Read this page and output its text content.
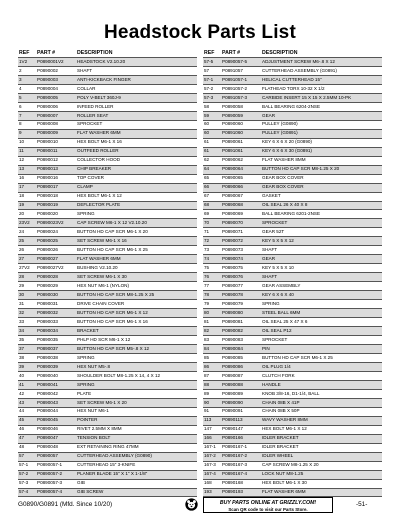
Headstock Parts List
REF	PART #	DESCRIPTION
1V2	P0890001V2	HEADSTOCK V2.10.20
2	P0890002	SHAFT
3	P0890003	ANTI-KICKBACK FINGER
4	P0890004	COLLAR
5	P0890005	POLY V-BELT 360J-9
6	P0890006	INFEED ROLLER
7	P0890007	ROLLER SEAT
8	P0890008	SPROCKET
9	P0890009	FLAT WASHER 6MM
10	P0890010	HEX BOLT M6-1 X 16
11	P0890011	OUTFEED ROLLER
12	P0890012	COLLECTOR HOOD
13	P0890013	CHIP BREAKER
16	P0890016	TOP COVER
17	P0890017	CLAMP
18	P0890018	HEX BOLT M6-1 X 12
19	P0890019	DEFLECTOR PLATE
20	P0890020	SPRING
23V2	P0890023V2	CAP SCREW M6-1 X 12 V2.10.20
24	P0890024	BUTTON HD CAP SCR M6-1 X 20
25	P0890025	SET SCREW M6-1 X 16
26	P0890026	BUTTON HD CAP SCR M6-1 X 25
27	P0890027	FLAT WASHER 6MM
27V2	P0890027V2	BUSHING V2.10.20
28	P0890028	SET SCREW M6-1 X 30
29	P0890029	HEX NUT M6-1 (NYLON)
30	P0890030	BUTTON HD CAP SCR M8-1.25 X 25
31	P0890031	DRIVE CHAIN COVER
32	P0890032	BUTTON HD CAP SCR M6-1 X 12
33	P0890033	BUTTON HD CAP SCR M6-1 X 16
34	P0890034	BRACKET
35	P0890035	PHLP HD SCR M6-1 X 12
37	P0890037	BUTTON HD CAP SCR M5-.8 X 12
38	P0890038	SPRING
39	P0890039	HEX NUT M5-.8
40	P0890040	SHOULDER BOLT M8-1.25 X 14, 4 X 12
41	P0890041	SPRING
42	P0890042	PLATE
43	P0890043	SET SCREW M6-1 X 20
44	P0890044	HEX NUT M6-1
45	P0890045	POINTER
46	P0890046	RIVET 2.5MM X 8MM
47	P0890047	TENSION BOLT
48	P0890048	EXT RETAINING RING 47MM
57	P0890057	CUTTERHEAD ASSEMBLY (G0890)
57-1	P0890057-1	CUTTERHEAD 15" 3-KNIFE
57-2	P0890057-2	PLANER BLADE 15" X 1" X 1-1/8"
57-3	P0890057-3	GIB
57-4	P0890057-4	GIB SCREW
REF	PART #	DESCRIPTION
57-5	P0890057-5	ADJUSTMENT SCREW M6-.8 X 12
57	P0891057	CUTTERHEAD ASSEMBLY (G0891)
57-1	P0891057-1	HELICAL CUTTERHEAD 15"
57-2	P0891057-2	FLATHEAD TORX 10-32 X 1/2
57-3	P0891057-3	CARBIDE INSERT 15 X 15 X 2.5MM 10-PK
58	P0890058	BALL BEARING 6204-2NSE
59	P0890059	GEAR
60	P0890060	PULLEY (G0890)
60	P0891060	PULLEY (G0891)
61	P0890061	KEY 6 X 6 X 20 (G0890)
61	P0891061	KEY 6 X 6 X 30 (G0891)
62	P0890062	FLAT WASHER 8MM
64	P0890064	BUTTON HD CAP SCR M8-1.25 X 20
65	P0890065	GEAR BOX COVER
66	P0890066	GEAR BOX COVER
67	P0890067	GASKET
68	P0890068	OIL SEAL 26 X 40 X 8
69	P0890069	BALL BEARING 6201-2NSE
70	P0890070	SPROCKET
71	P0890071	GEAR 52T
72	P0890072	KEY 5 X 5 X 12
73	P0890073	SHAFT
74	P0890074	GEAR
75	P0890075	KEY 5 X 5 X 10
76	P0890076	SHAFT
77	P0890077	GEAR ASSEMBLY
78	P0890078	KEY 6 X 6 X 40
79	P0890079	SPRING
80	P0890080	STEEL BALL 6MM
81	P0890081	OIL SEAL 25 X 47 X 6
82	P0890082	OIL SEAL P12
83	P0890083	SPROCKET
84	P0890084	PIN
85	P0890085	BUTTON HD CAP SCR M6-1 X 25
86	P0890086	OIL PLUG 1/4
87	P0890087	CLUTCH FORK
88	P0890088	HANDLE
89	P0890089	KNOB 3/8-16, D1-1/4, BALL
90	P0890090	CHAIN 08B X 41P
91	P0890091	CHAIN 08B X 50P
113	P0890113	WAVY WASHER 8MM
147	P0890147	HEX BOLT M6-1 X 12
166	P0890166	IDLER BRACKET
167-1	P0890167-1	IDLER BRACKET
167-2	P0890167-2	IDLER WHEEL
167-3	P0890167-3	CAP SCREW M8-1.25 X 20
167-4	P0890167-4	LOCK NUT M8-1.25
168	P0890168	HEX BOLT M6-1 X 30
193	P0890193	FLAT WASHER 6MM
G0890/G0891 (Mfd. Since 10/20)	BUY PARTS ONLINE AT GRIZZLY.COM!
Scan QR code to visit our Parts Store.
-51-
